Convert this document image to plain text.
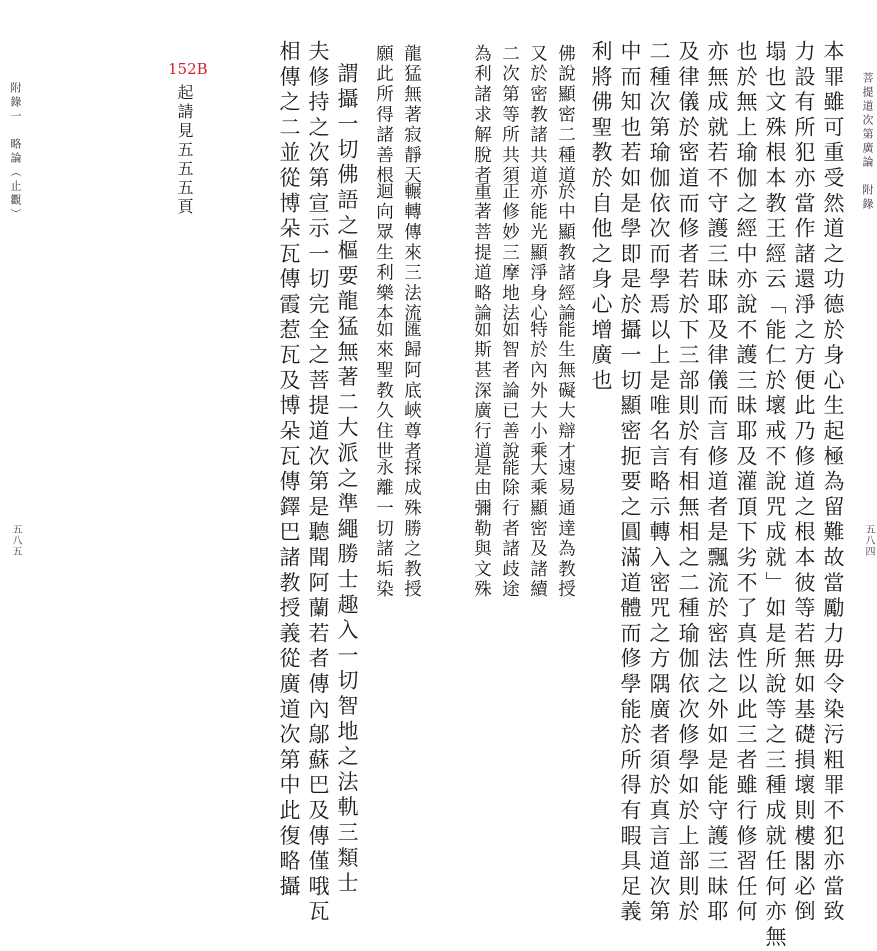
菩提道次第廣論　附錄
五八四
本罪雖可重受然道之功德於身心生起極為留難故當勵力毋令染污粗罪不犯亦當致
力設有所犯亦當作諸還淨之方便此乃修道之根本彼等若無如基礎損壞則樓閣必倒
塌也文殊根本教王經云「能仁於壞戒不說咒成就」如是所說等之三種成就任何亦無
也於無上瑜伽之經中亦說不護三昧耶及灌頂下劣不了真性以此三者雖行修習任何
亦無成就若不守護三昧耶及律儀而言修道者是飄流於密法之外如是能守護三昧耶
及律儀於密道而修者若於下三部則於有相無相之二種瑜伽依次修學如於上部則於
二種次第瑜伽依次而學焉以上是唯名言略示轉入密咒之方隅廣者須於真言道次第
中而知也若如是學即是於攝一切顯密扼要之圓滿道體而修學能於所得有暇具足義
利將佛聖教於自他之身心增廣也
佛說顯密二種道
於中顯教諸經論
能生無礙大辯才
速易通達為教授
又於密教諸共道
亦能光顯淨身心
特於內外大小乘
大乘顯密及諸續
二次第等所共須
正修妙三摩地法
如智者論已善說
能除行者諸歧途
為利諸求解脫者
重著菩提道略論
如斯甚深廣行道
是由彌勒與文殊
龍猛無著寂靜天
輾轉傳來三法流
匯歸阿底峽尊者
採成殊勝之教授
願此所得諸善根
迴向眾生利樂本
如來聖教久住世
永離一切諸垢染
謂攝一切佛語之樞要龍猛無著二大派之準繩勝士趣入一切智地之法軌三類士
夫修持之次第宣示一切完全之菩提道次第是聽聞阿蘭若者傳內鄔蘇巴及傳僅哦瓦
相傳之二並從博朵瓦傳霞惹瓦及博朵瓦傳鐸巴諸教授義從廣道次第中此復略攝
152B
起請見五五五頁
附錄一　略論（止觀）
五八五
